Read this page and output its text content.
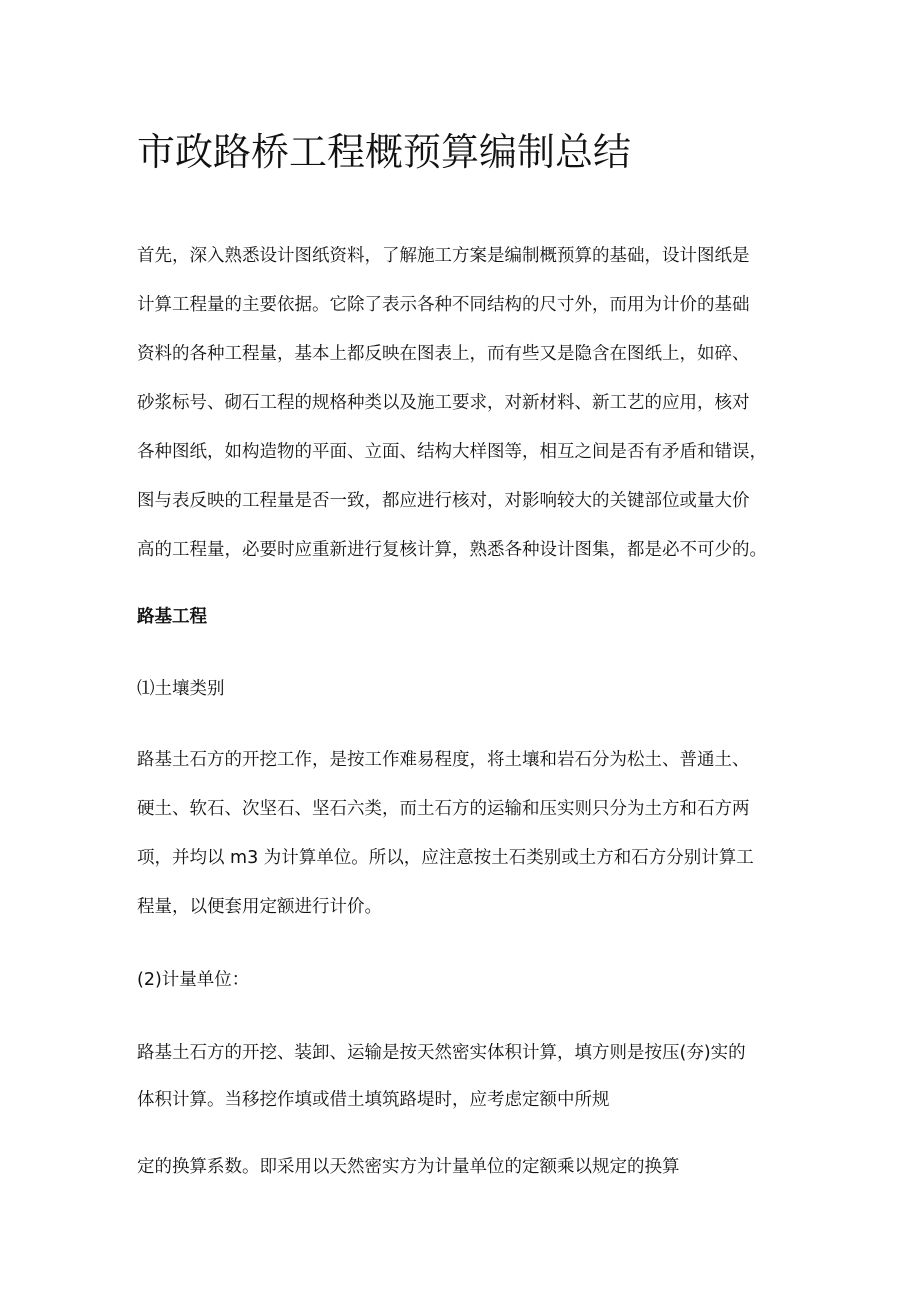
市政路桥工程概预算编制总结
首先，深入熟悉设计图纸资料，了解施工方案是编制概预算的基础，设计图纸是
计算工程量的主要依据。它除了表示各种不同结构的尺寸外，而用为计价的基础
资料的各种工程量，基本上都反映在图表上，而有些又是隐含在图纸上，如碎、
砂浆标号、砌石工程的规格种类以及施工要求，对新材料、新工艺的应用，核对
各种图纸，如构造物的平面、立面、结构大样图等，相互之间是否有矛盾和错误，
图与表反映的工程量是否一致，都应进行核对，对影响较大的关键部位或量大价
高的工程量，必要时应重新进行复核计算，熟悉各种设计图集，都是必不可少的。
路基工程
⑴土壤类别
路基土石方的开挖工作，是按工作难易程度，将土壤和岩石分为松土、普通土、
硬土、软石、次坚石、坚石六类，而土石方的运输和压实则只分为土方和石方两
项，并均以 m3 为计算单位。所以，应注意按土石类别或土方和石方分别计算工
程量，以便套用定额进行计价。
(2)计量单位：
路基土石方的开挖、装卸、运输是按天然密实体积计算，填方则是按压(夯)实的
体积计算。当移挖作填或借土填筑路堤时，应考虑定额中所规
定的换算系数。即采用以天然密实方为计量单位的定额乘以规定的换算
